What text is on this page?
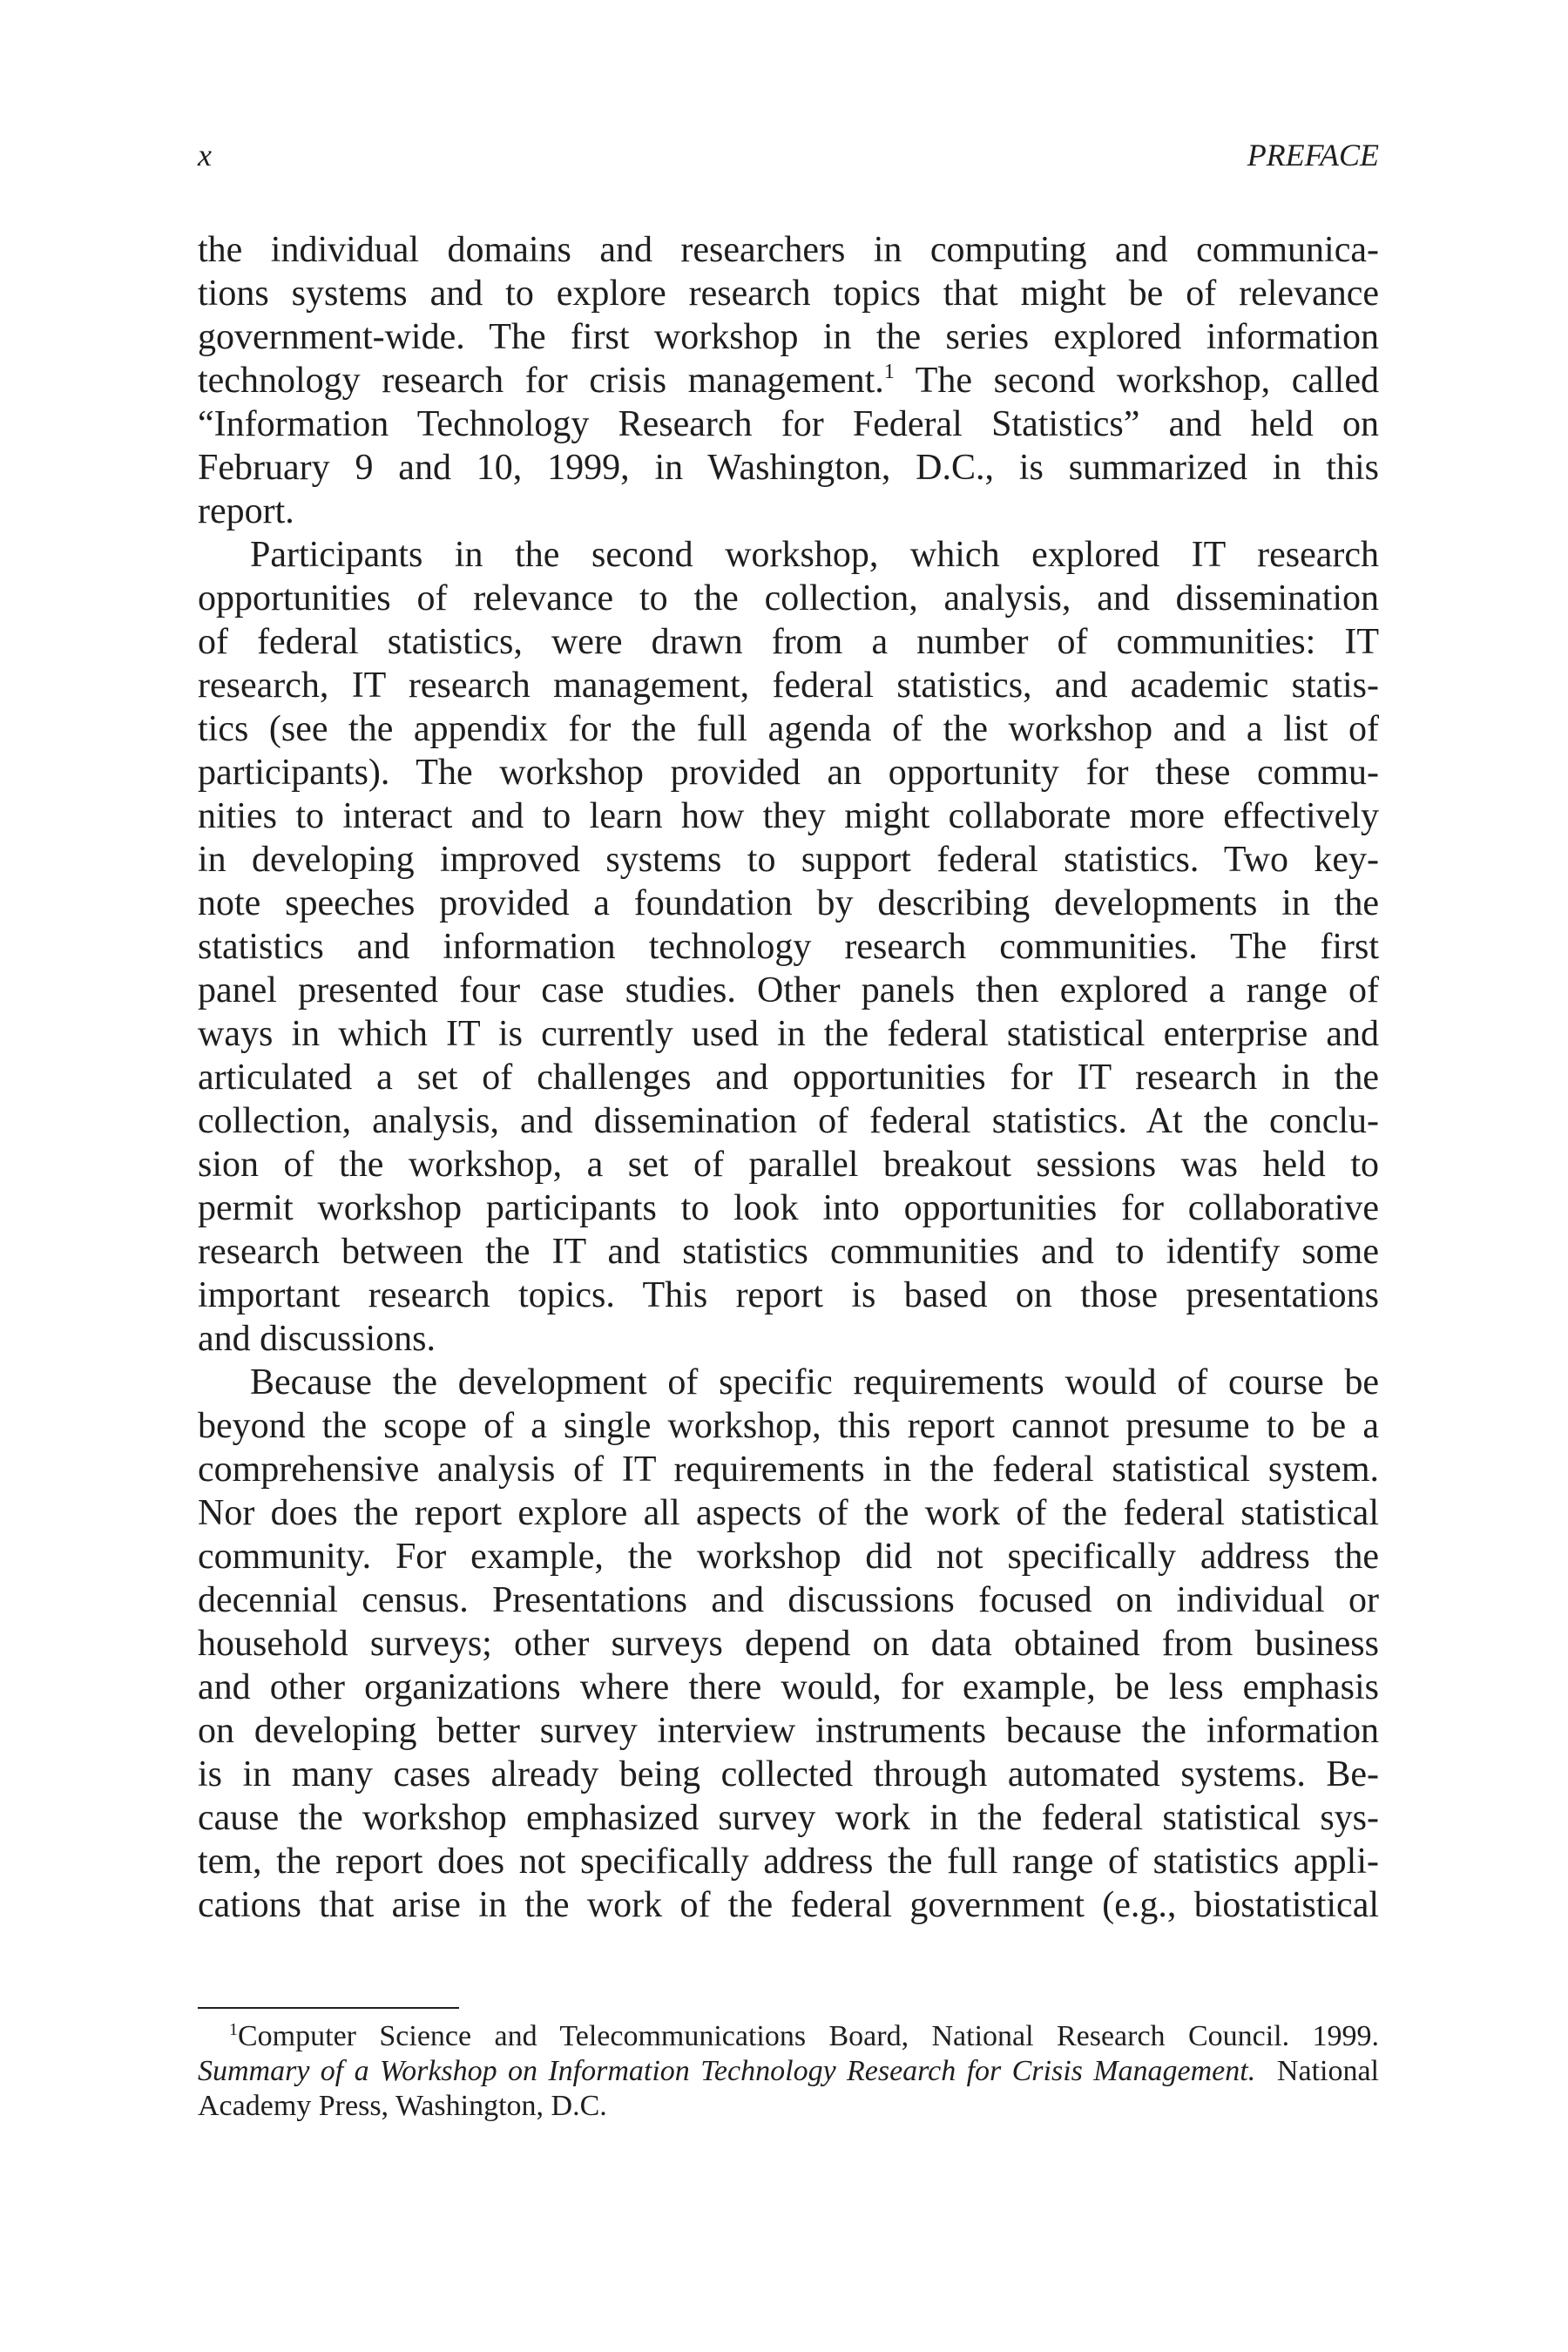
x	PREFACE
the individual domains and researchers in computing and communica-
tions systems and to explore research topics that might be of relevance
government-wide. The first workshop in the series explored information
technology research for crisis management.$^1$ The second workshop, called
“Information Technology Research for Federal Statistics” and held on
February 9 and 10, 1999, in Washington, D.C., is summarized in this
report.
Participants in the second workshop, which explored IT research
opportunities of relevance to the collection, analysis, and dissemination
of federal statistics, were drawn from a number of communities: IT
research, IT research management, federal statistics, and academic statis-
tics (see the appendix for the full agenda of the workshop and a list of
participants). The workshop provided an opportunity for these commu-
nities to interact and to learn how they might collaborate more effectively
in developing improved systems to support federal statistics. Two key-
note speeches provided a foundation by describing developments in the
statistics and information technology research communities. The first
panel presented four case studies. Other panels then explored a range of
ways in which IT is currently used in the federal statistical enterprise and
articulated a set of challenges and opportunities for IT research in the
collection, analysis, and dissemination of federal statistics. At the conclu-
sion of the workshop, a set of parallel breakout sessions was held to
permit workshop participants to look into opportunities for collaborative
research between the IT and statistics communities and to identify some
important research topics. This report is based on those presentations
and discussions.
Because the development of specific requirements would of course be
beyond the scope of a single workshop, this report cannot presume to be a
comprehensive analysis of IT requirements in the federal statistical system.
Nor does the report explore all aspects of the work of the federal statistical
community. For example, the workshop did not specifically address the
decennial census. Presentations and discussions focused on individual or
household surveys; other surveys depend on data obtained from business
and other organizations where there would, for example, be less emphasis
on developing better survey interview instruments because the information
is in many cases already being collected through automated systems. Be-
cause the workshop emphasized survey work in the federal statistical sys-
tem, the report does not specifically address the full range of statistics appli-
cations that arise in the work of the federal government (e.g., biostatistical
$^1$Computer Science and Telecommunications Board, National Research Council. 1999.
Summary of a Workshop on Information Technology Research for Crisis Management.  National
Academy Press, Washington, D.C.
